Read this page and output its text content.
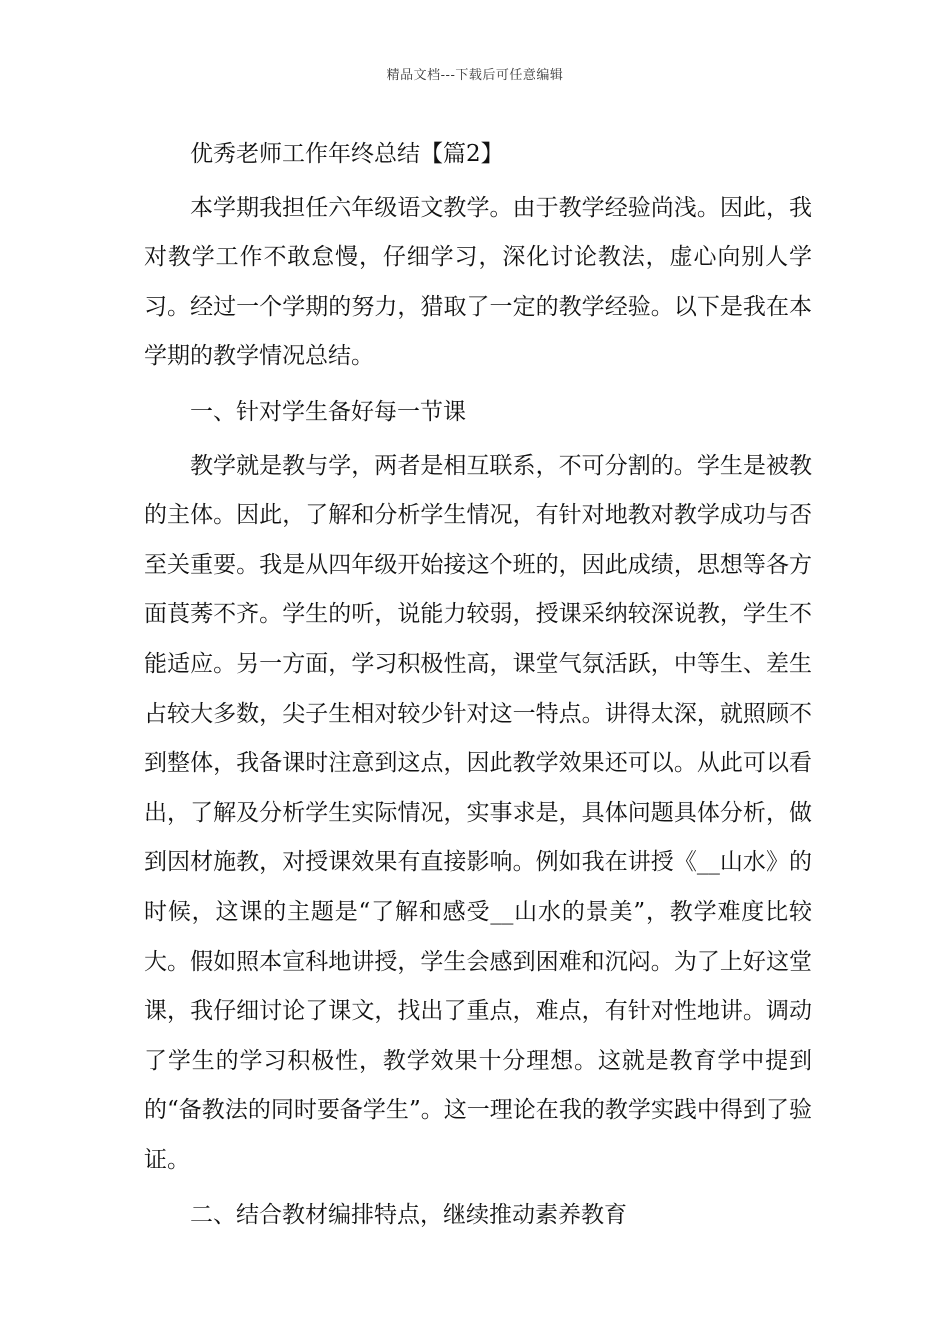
精品文档---下载后可任意编辑

优秀老师工作年终总结【篇2】

本学期我担任六年级语文教学。由于教学经验尚浅。因此，我对教学工作不敢怠慢，仔细学习，深化讨论教法，虚心向别人学习。经过一个学期的努力，猎取了一定的教学经验。以下是我在本学期的教学情况总结。

一、针对学生备好每一节课

教学就是教与学，两者是相互联系，不可分割的。学生是被教的主体。因此，了解和分析学生情况，有针对地教对教学成功与否至关重要。我是从四年级开始接这个班的，因此成绩，思想等各方面莨莠不齐。学生的听，说能力较弱，授课采纳较深说教，学生不能适应。另一方面，学习积极性高，课堂气氛活跃，中等生、差生占较大多数，尖子生相对较少针对这一特点。讲得太深，就照顾不到整体，我备课时注意到这点，因此教学效果还可以。从此可以看出，了解及分析学生实际情况，实事求是，具体问题具体分析，做到因材施教，对授课效果有直接影响。例如我在讲授《__山水》的时候，这课的主题是“了解和感受__山水的景美”，教学难度比较大。假如照本宣科地讲授，学生会感到困难和沉闷。为了上好这堂课，我仔细讨论了课文，找出了重点，难点，有针对性地讲。调动了学生的学习积极性，教学效果十分理想。这就是教育学中提到的“备教法的同时要备学生”。这一理论在我的教学实践中得到了验证。

二、结合教材编排特点，继续推动素养教育
